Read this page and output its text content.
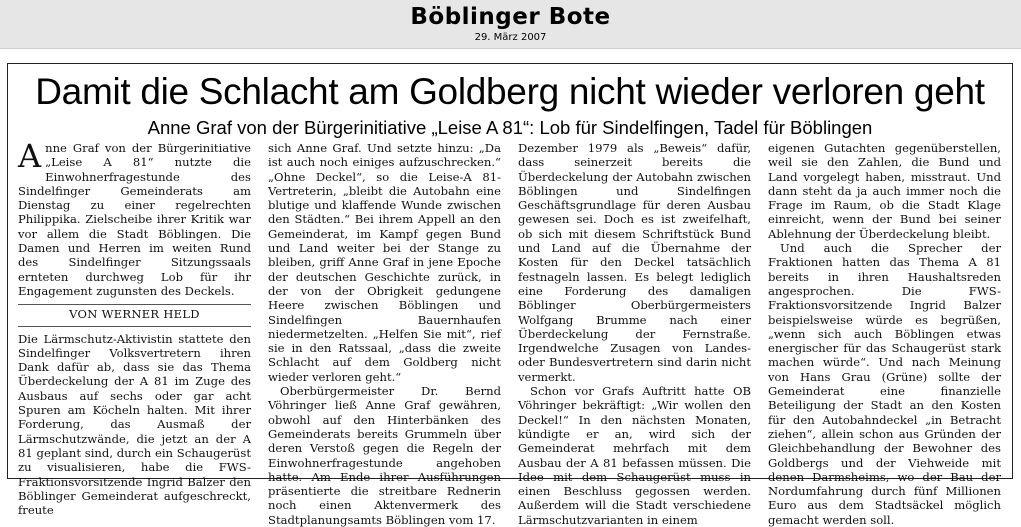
Böblinger Bote
29. März 2007
Damit die Schlacht am Goldberg nicht wieder verloren geht
Anne Graf von der Bürgerinitiative „Leise A 81“: Lob für Sindelfingen, Tadel für Böblingen

Anne Graf von der Bürgerinitiative „Leise A 81“ nutzte die Einwohnerfragestunde des Sindelfinger Gemeinderats am Dienstag zu einer regelrechten Philippika. Zielscheibe ihrer Kritik war vor allem die Stadt Böblingen. Die Damen und Herren im weiten Rund des Sindelfinger Sitzungssaals ernteten durchweg Lob für ihr Engagement zugunsten des Deckels.

VON WERNER HELD

Die Lärmschutz-Aktivistin stattete den Sindelfinger Volksvertretern ihren Dank dafür ab, dass sie das Thema Überdeckelung der A 81 im Zuge des Ausbaus auf sechs oder gar acht Spuren am Köcheln halten. Mit ihrer Forderung, das Ausmaß der Lärmschutzwände, die jetzt an der A 81 geplant sind, durch ein Schaugerüst zu visualisieren, habe die FWS-Fraktionsvorsitzende Ingrid Balzer den Böblinger Gemeinderat aufgeschreckt, freute

sich Anne Graf. Und setzte hinzu: „Da ist auch noch einiges aufzuschrecken.“ „Ohne Deckel“, so die Leise-A 81-Vertreterin, „bleibt die Autobahn eine blutige und klaffende Wunde zwischen den Städten.“ Bei ihrem Appell an den Gemeinderat, im Kampf gegen Bund und Land weiter bei der Stange zu bleiben, griff Anne Graf in jene Epoche der deutschen Geschichte zurück, in der von der Obrigkeit gedungene Heere zwischen Böblingen und Sindelfingen Bauernhaufen niedermetzelten. „Helfen Sie mit“, rief sie in den Ratssaal, „dass die zweite Schlacht auf dem Goldberg nicht wieder verloren geht.“

Oberbürgermeister Dr. Bernd Vöhringer ließ Anne Graf gewähren, obwohl auf den Hinterbänken des Gemeinderats bereits Grummeln über deren Verstoß gegen die Regeln der Einwohnerfragestunde angehoben hatte. Am Ende ihrer Ausführungen präsentierte die streitbare Rednerin noch einen Aktenvermerk des Stadtplanungsamts Böblingen vom 17.

Dezember 1979 als „Beweis“ dafür, dass seinerzeit bereits die Überdeckelung der Autobahn zwischen Böblingen und Sindelfingen Geschäftsgrundlage für deren Ausbau gewesen sei. Doch es ist zweifelhaft, ob sich mit diesem Schriftstück Bund und Land auf die Übernahme der Kosten für den Deckel tatsächlich festnageln lassen. Es belegt lediglich eine Forderung des damaligen Böblinger Oberbürgermeisters Wolfgang Brumme nach einer Überdeckelung der Fernstraße. Irgendwelche Zusagen von Landes- oder Bundesvertretern sind darin nicht vermerkt.

Schon vor Grafs Auftritt hatte OB Vöhringer bekräftigt: „Wir wollen den Deckel!“ In den nächsten Monaten, kündigte er an, wird sich der Gemeinderat mehrfach mit dem Ausbau der A 81 befassen müssen. Die Idee mit dem Schaugerüst muss in einen Beschluss gegossen werden. Außerdem will die Stadt verschiedene Lärmschutzvarianten in einem

eigenen Gutachten gegenüberstellen, weil sie den Zahlen, die Bund und Land vorgelegt haben, misstraut. Und dann steht da ja auch immer noch die Frage im Raum, ob die Stadt Klage einreicht, wenn der Bund bei seiner Ablehnung der Überdeckelung bleibt.

Und auch die Sprecher der Fraktionen hatten das Thema A 81 bereits in ihren Haushaltsreden angesprochen. Die FWS-Fraktionsvorsitzende Ingrid Balzer beispielsweise würde es begrüßen, „wenn sich auch Böblingen etwas energischer für das Schaugerüst stark machen würde“. Und nach Meinung von Hans Grau (Grüne) sollte der Gemeinderat eine finanzielle Beteiligung der Stadt an den Kosten für den Autobahndeckel „in Betracht ziehen“, allein schon aus Gründen der Gleichbehandlung der Bewohner des Goldbergs und der Viehweide mit denen Darmsheims, wo der Bau der Nordumfahrung durch fünf Millionen Euro aus dem Stadtsäckel möglich gemacht werden soll.
